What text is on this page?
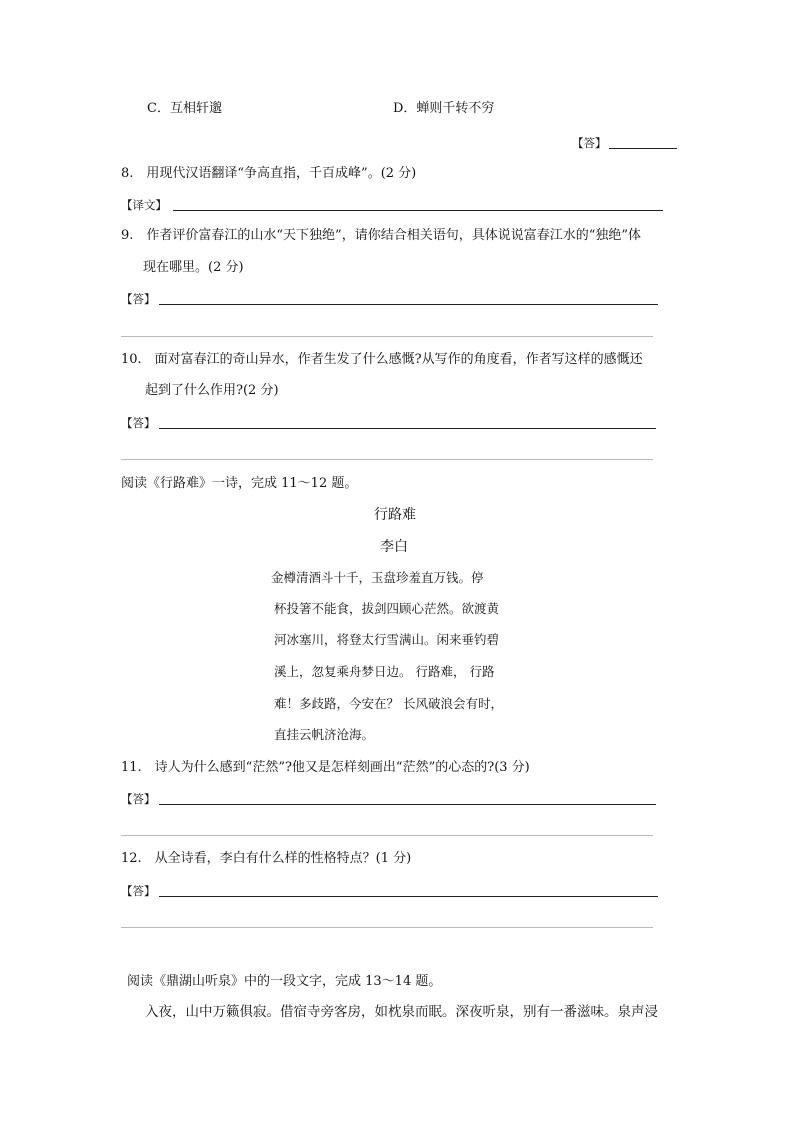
C．互相轩邈	D．蝉则千转不穷
【答】
8.　用现代汉语翻译“争高直指，千百成峰”。(2 分)
【译文】
9.　作者评价富春江的山水“天下独绝”，请你结合相关语句，具体说说富春江水的“独绝”体
现在哪里。(2 分)
【答】
10.　面对富春江的奇山异水，作者生发了什么感慨?从写作的角度看，作者写这样的感慨还
起到了什么作用?(2 分)
【答】
阅读《行路难》一诗，完成 11～12 题。
行路难
李白
金樽清酒斗十千，玉盘珍羞直万钱。停
杯投箸不能食，拔剑四顾心茫然。欲渡黄
河冰塞川，将登太行雪满山。闲来垂钓碧
溪上，忽复乘舟梦日边。 行路难， 行路
难！多歧路，今安在？ 长风破浪会有时，
直挂云帆济沧海。
11.　诗人为什么感到“茫然”?他又是怎样刻画出“茫然”的心态的?(3 分)
【答】
12.　从全诗看，李白有什么样的性格特点？(1 分)
【答】
阅读《鼎湖山听泉》中的一段文字，完成 13～14 题。
入夜，山中万籁俱寂。借宿寺旁客房，如枕泉而眠。深夜听泉，别有一番滋味。泉声浸
